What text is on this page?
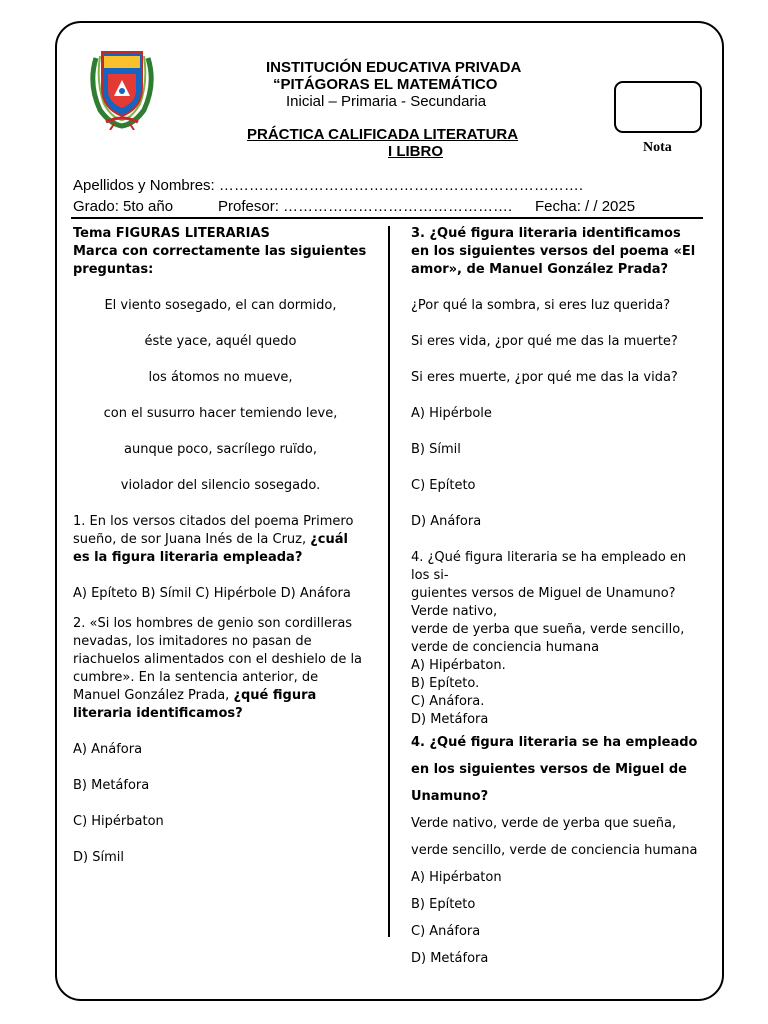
INSTITUCIÓN EDUCATIVA PRIVADA
“PITÁGORAS EL MATEMÁTICO
Inicial – Primaria - Secundaria
PRÁCTICA CALIFICADA LITERATURA
I LIBRO	Nota
Apellidos y Nombres: ……………………………………………………………….
Grado: 5to año	Profesor: ………………………………………. Fecha: / / 2025

Tema FIGURAS LITERARIAS

Marca con correctamente las siguientes preguntas:

El viento sosegado, el can dormido,

éste yace, aquél quedo

los átomos no mueve,

con el susurro hacer temiendo leve,

aunque poco, sacrílego ruïdo,

violador del silencio sosegado.

1. En los versos citados del poema Primero sueño, de sor Juana Inés de la Cruz, ¿cuál es la figura literaria empleada?

A) Epíteto B) Símil C) Hipérbole D) Anáfora

2. «Si los hombres de genio son cordilleras nevadas, los imitadores no pasan de riachuelos alimentados con el deshielo de la cumbre». En la sentencia anterior, de Manuel González Prada, ¿qué figura literaria identificamos?

A) Anáfora

B) Metáfora

C) Hipérbaton

D) Símil

3. ¿Qué figura literaria identificamos en los siguientes versos del poema «El amor», de Manuel González Prada?

¿Por qué la sombra, si eres luz querida?

Si eres vida, ¿por qué me das la muerte?

Si eres muerte, ¿por qué me das la vida?

A) Hipérbole

B) Símil

C) Epíteto

D) Anáfora

4. ¿Qué figura literaria se ha empleado en los si-

guientes versos de Miguel de Unamuno?

Verde nativo,

verde de yerba que sueña, verde sencillo,

verde de conciencia humana

A) Hipérbaton.

B) Epíteto.

C) Anáfora.

D) Metáfora

4. ¿Qué figura literaria se ha empleado en los siguientes versos de Miguel de Unamuno?

Verde nativo, verde de yerba que sueña,

verde sencillo, verde de conciencia humana

A) Hipérbaton

B) Epíteto

C) Anáfora

D) Metáfora
